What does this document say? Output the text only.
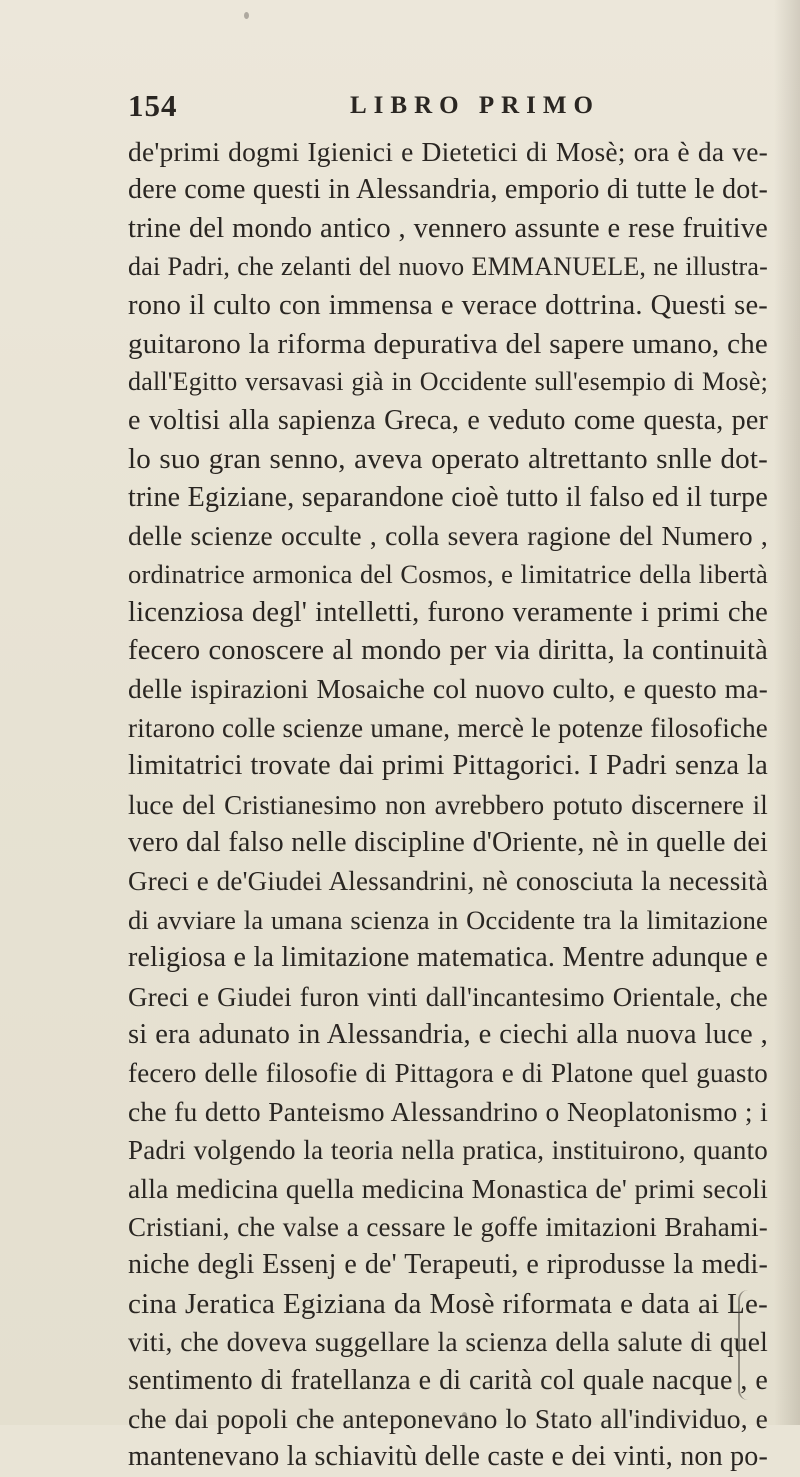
154	LIBRO PRIMO
de'primi dogmi Igienici e Dietetici di Mosè; ora è da ve-
dere come questi in Alessandria, emporio di tutte le dot-
trine del mondo antico , vennero assunte e rese fruitive
dai Padri, che zelanti del nuovo EMMANUELE, ne illustra-
rono il culto con immensa e verace dottrina. Questi se-
guitarono la riforma depurativa del sapere umano, che
dall'Egitto versavasi già in Occidente sull'esempio di Mosè;
e voltisi alla sapienza Greca, e veduto come questa, per
lo suo gran senno, aveva operato altrettanto snlle dot-
trine Egiziane, separandone cioè tutto il falso ed il turpe
delle scienze occulte , colla severa ragione del Numero ,
ordinatrice armonica del Cosmos, e limitatrice della libertà
licenziosa degl' intelletti, furono veramente i primi che
fecero conoscere al mondo per via diritta, la continuità
delle ispirazioni Mosaiche col nuovo culto, e questo ma-
ritarono colle scienze umane, mercè le potenze filosofiche
limitatrici trovate dai primi Pittagorici. I Padri senza la
luce del Cristianesimo non avrebbero potuto discernere il
vero dal falso nelle discipline d'Oriente, nè in quelle dei
Greci e de'Giudei Alessandrini, nè conosciuta la necessità
di avviare la umana scienza in Occidente tra la limitazione
religiosa e la limitazione matematica. Mentre adunque e
Greci e Giudei furon vinti dall'incantesimo Orientale, che
si era adunato in Alessandria, e ciechi alla nuova luce ,
fecero delle filosofie di Pittagora e di Platone quel guasto
che fu detto Panteismo Alessandrino o Neoplatonismo ; i
Padri volgendo la teoria nella pratica, instituirono, quanto
alla medicina quella medicina Monastica de' primi secoli
Cristiani, che valse a cessare le goffe imitazioni Brahami-
niche degli Essenj e de' Terapeuti, e riprodusse la medi-
cina Jeratica Egiziana da Mosè riformata e data ai Le-
viti, che doveva suggellare la scienza della salute di quel
sentimento di fratellanza e di carità col quale nacque , e
che dai popoli che anteponevano lo Stato all'individuo, e
mantenevano la schiavitù delle caste e dei vinti, non po-
